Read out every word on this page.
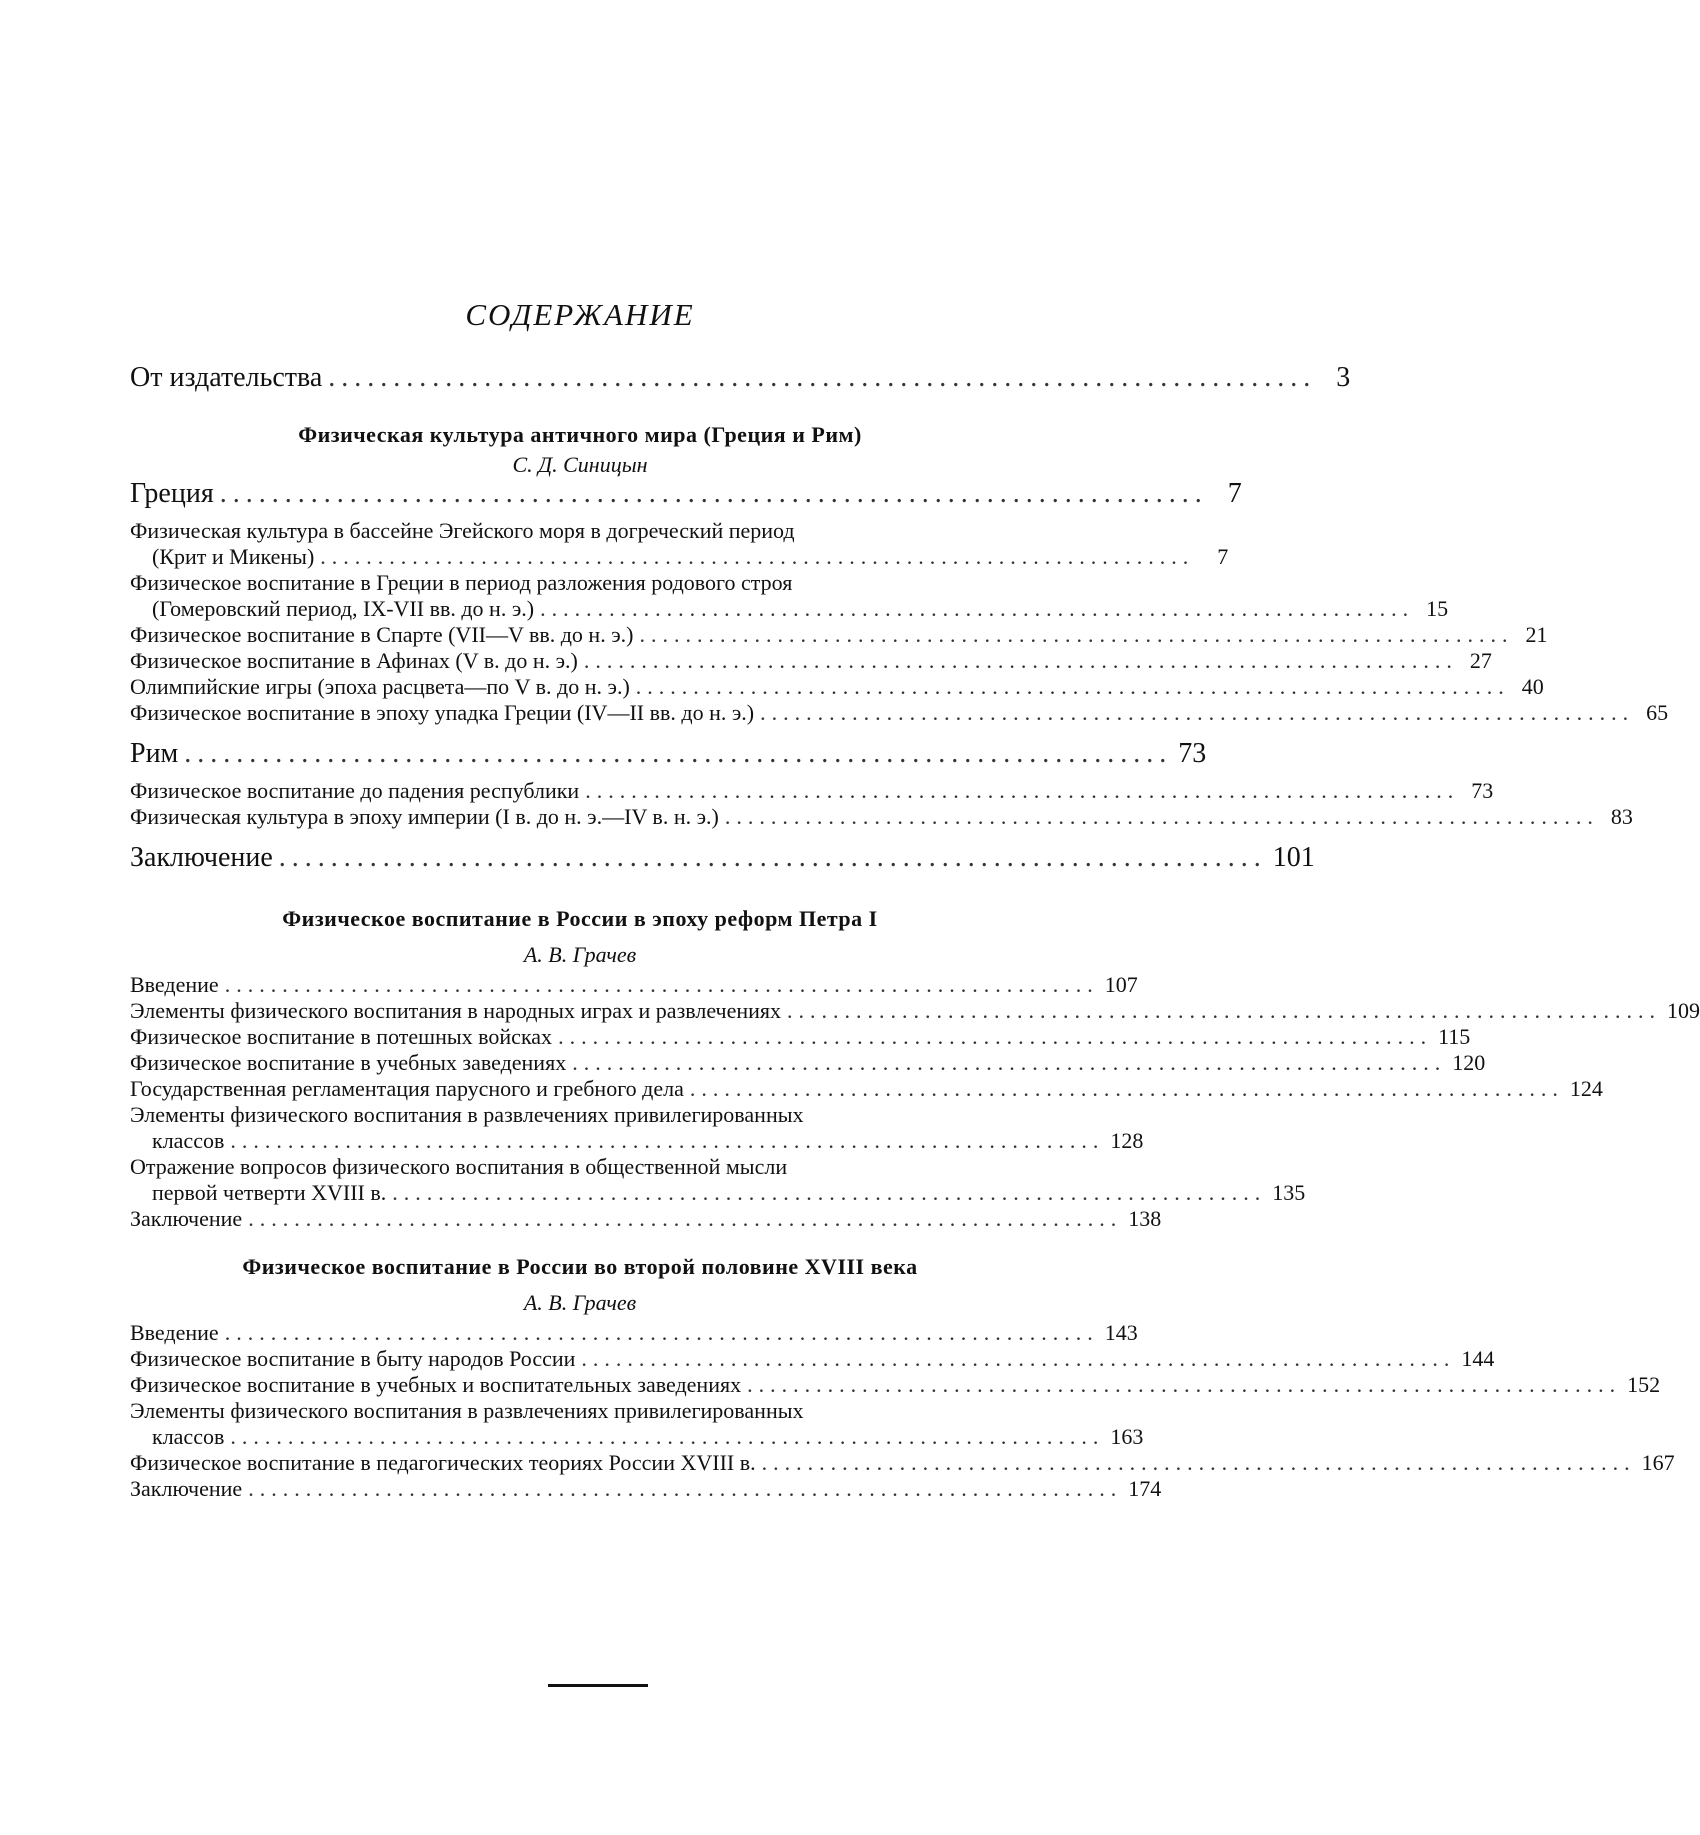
СОДЕРЖАНИЕ
От издательства ............................................................................ 3
Физическая культура античного мира (Греция и Рим)
С. Д. Синицын
Греция ............................................................................ 7
Физическая культура в бассейне Эгейского моря в догреческий период
(Крит и Микены) ............................................................................	7
Физическое воспитание в Греции в период разложения родового строя
(Гомеровский период, IX-VII вв. до н. э.) ............................................................................ 15
Физическое воспитание в Спарте (VII—V вв. до н. э.) ............................................................................ 21
Физическое воспитание в Афинах (V в. до н. э.) ............................................................................ 27
Олимпийские игры (эпоха расцвета—по V в. до н. э.) ............................................................................ 40
Физическое воспитание в эпоху упадка Греции (IV—II вв. до н. э.) ............................................................................ 65
Рим ............................................................................ 73
Физическое воспитание до падения республики ............................................................................ 73
Физическая культура в эпоху империи (I в. до н. э.—IV в. н. э.) ............................................................................ 83
Заключение ............................................................................ 101
Физическое воспитание в России в эпоху реформ Петра I
А. В. Грачев
Введение ............................................................................ 107
Элементы физического воспитания в народных играх и развлечениях ............................................................................ 109
Физическое воспитание в потешных войсках ............................................................................ 115
Физическое воспитание в учебных заведениях ............................................................................ 120
Государственная регламентация парусного и гребного дела ............................................................................ 124
Элементы физического воспитания в развлечениях привилегированных
классов ............................................................................ 128
Отражение вопросов физического воспитания в общественной мысли
первой четверти XVIII в. ............................................................................ 135
Заключение ............................................................................ 138
Физическое воспитание в России во второй половине XVIII века
А. В. Грачев
Введение ............................................................................ 143
Физическое воспитание в быту народов России ............................................................................ 144
Физическое воспитание в учебных и воспитательных заведениях ............................................................................ 152
Элементы физического воспитания в развлечениях привилегированных
классов ............................................................................ 163
Физическое воспитание в педагогических теориях России XVIII в. ............................................................................ 167
Заключение ............................................................................ 174
